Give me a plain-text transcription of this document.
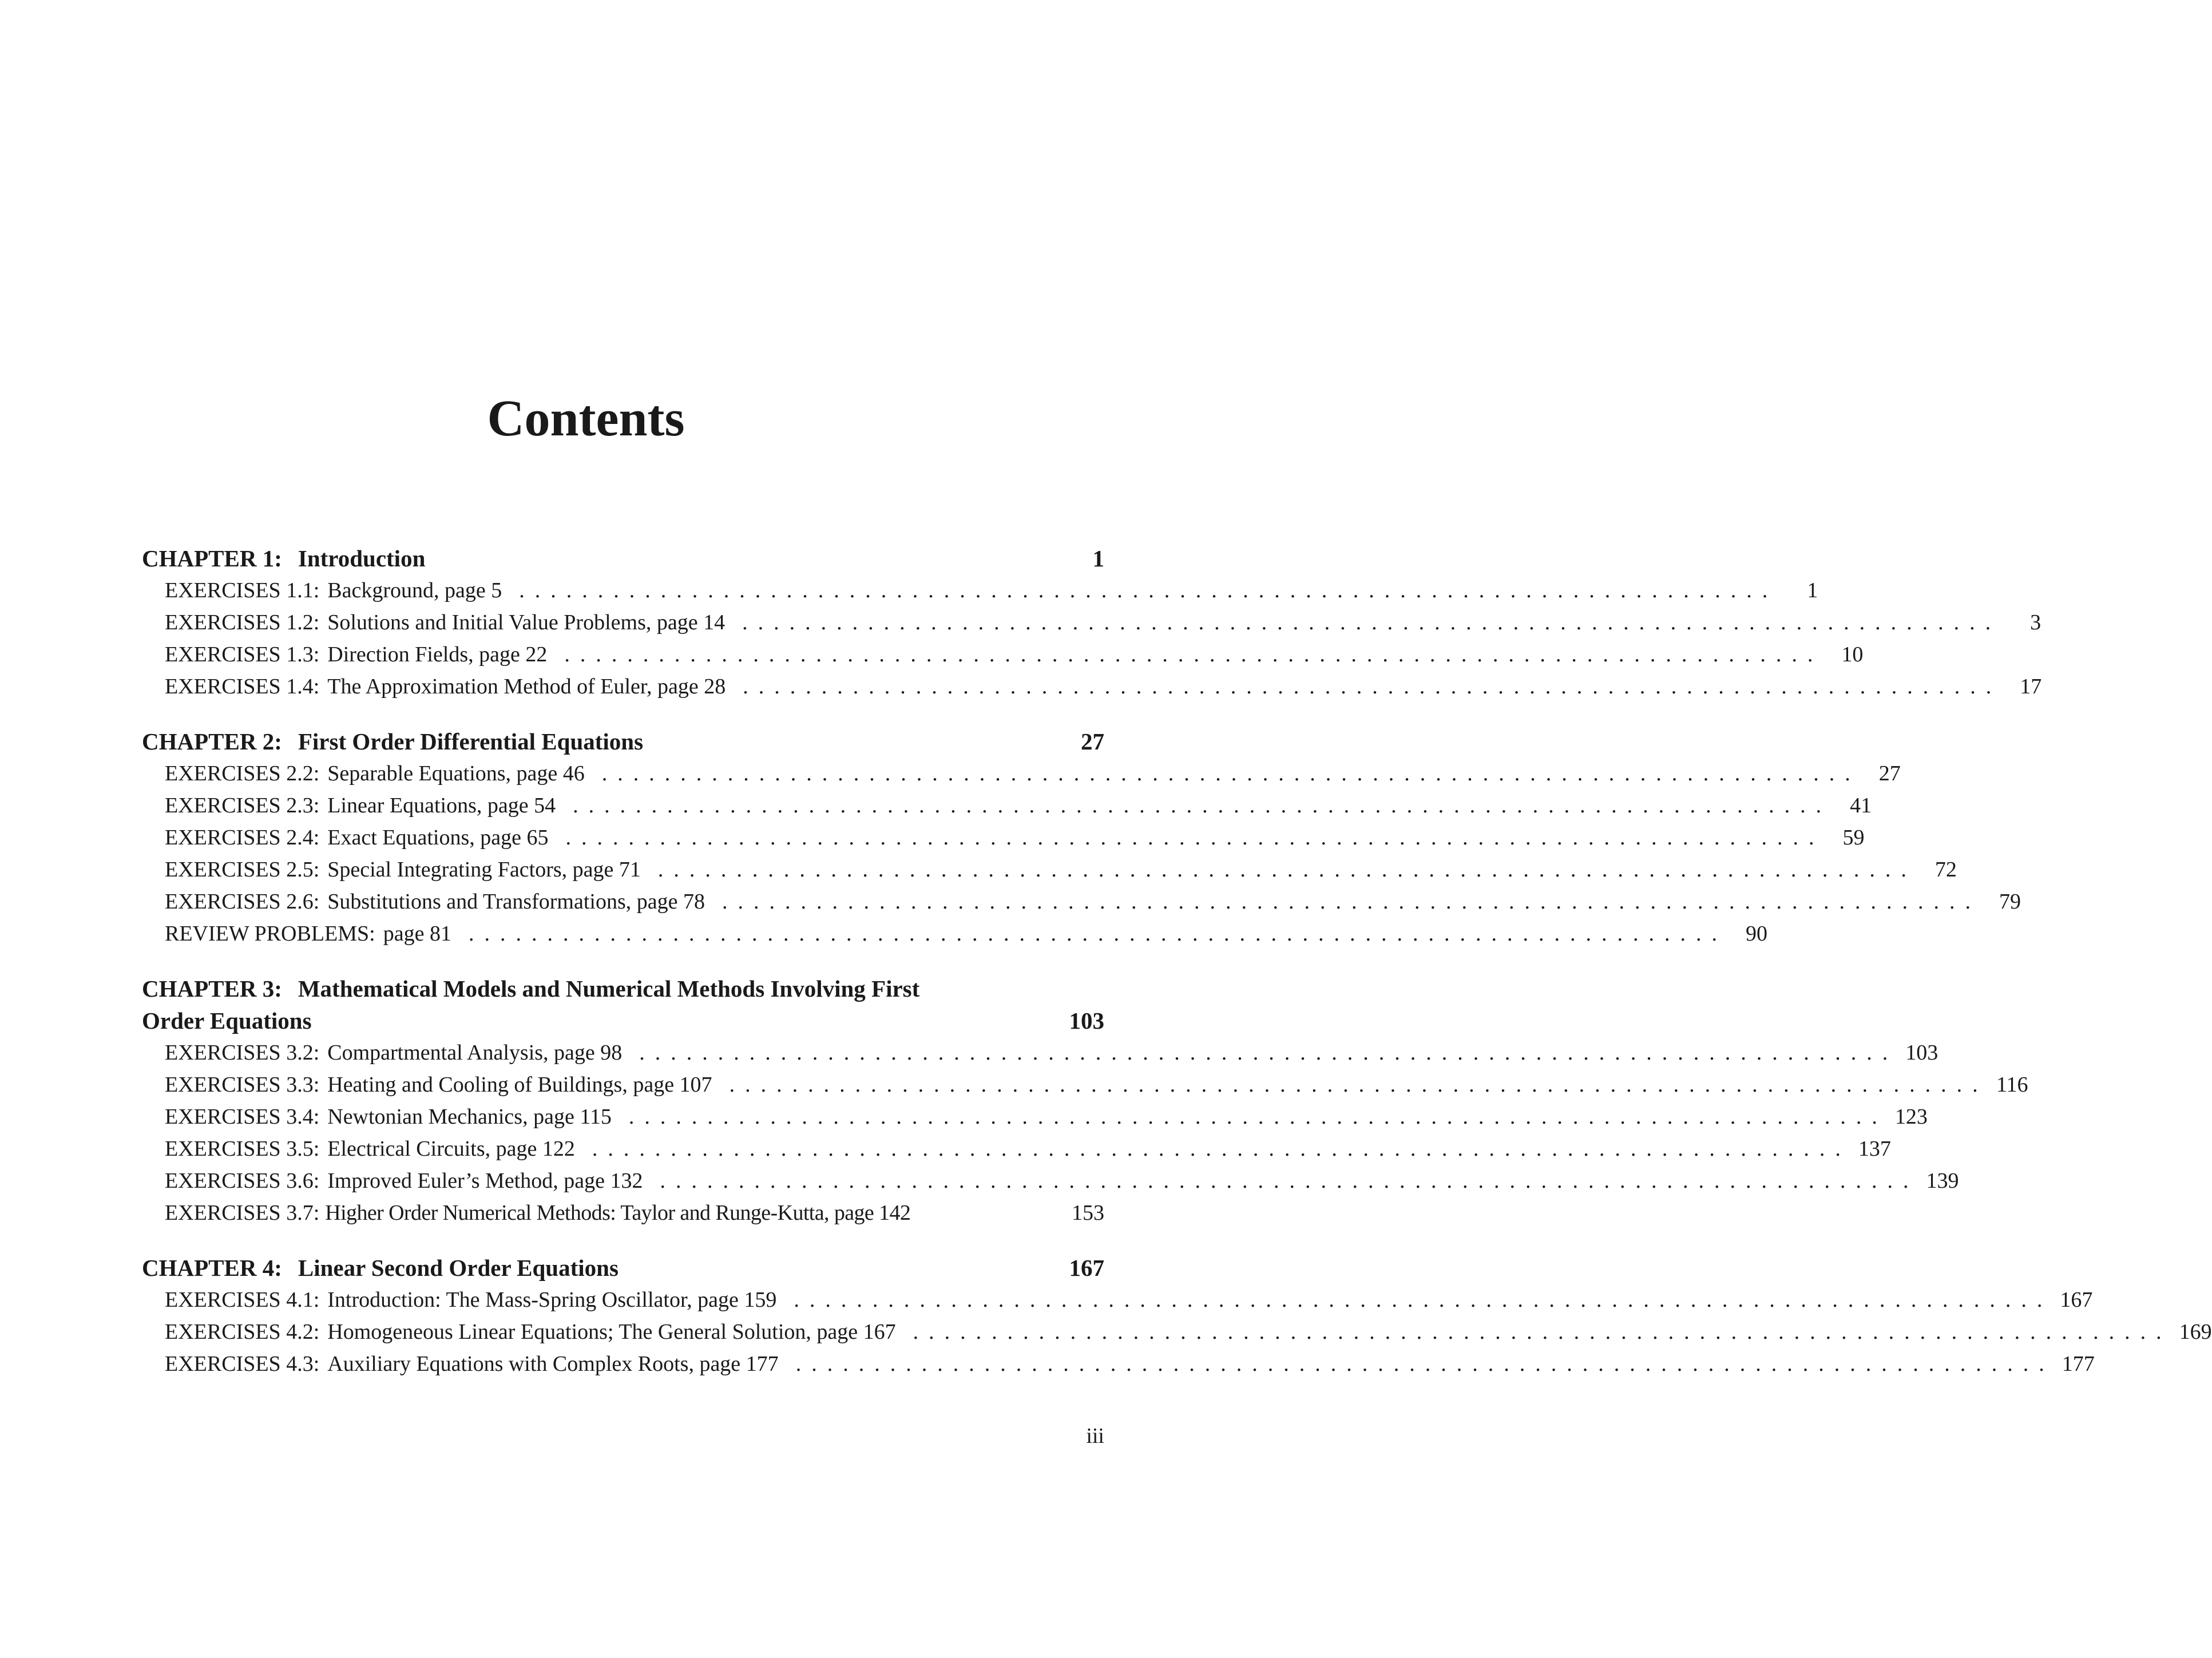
Contents
CHAPTER 1: Introduction	1
EXERCISES 1.1: Background, page 5 ................................................................................	1
EXERCISES 1.2: Solutions and Initial Value Problems, page 14 ................................................................................	3
EXERCISES 1.3: Direction Fields, page 22 ................................................................................ 10
EXERCISES 1.4: The Approximation Method of Euler, page 28 ................................................................................ 17
CHAPTER 2: First Order Differential Equations	27
EXERCISES 2.2: Separable Equations, page 46 ................................................................................ 27
EXERCISES 2.3: Linear Equations, page 54 ................................................................................ 41
EXERCISES 2.4: Exact Equations, page 65 ................................................................................ 59
EXERCISES 2.5: Special Integrating Factors, page 71 ................................................................................ 72
EXERCISES 2.6: Substitutions and Transformations, page 78 ................................................................................ 79
REVIEW PROBLEMS: page 81 ................................................................................ 90
CHAPTER 3: Mathematical Models and Numerical Methods Involving First
Order Equations	103
EXERCISES 3.2: Compartmental Analysis, page 98 ................................................................................ 103
EXERCISES 3.3: Heating and Cooling of Buildings, page 107 ................................................................................ 116
EXERCISES 3.4: Newtonian Mechanics, page 115 ................................................................................ 123
EXERCISES 3.5: Electrical Circuits, page 122 ................................................................................ 137
EXERCISES 3.6: Improved Euler’s Method, page 132 ................................................................................ 139
EXERCISES 3.7: Higher Order Numerical Methods: Taylor and Runge-Kutta, page 142	153
CHAPTER 4: Linear Second Order Equations	167
EXERCISES 4.1: Introduction: The Mass-Spring Oscillator, page 159 ................................................................................ 167
EXERCISES 4.2: Homogeneous Linear Equations; The General Solution, page 167 ................................................................................ 169
EXERCISES 4.3: Auxiliary Equations with Complex Roots, page 177 ................................................................................ 177
iii
